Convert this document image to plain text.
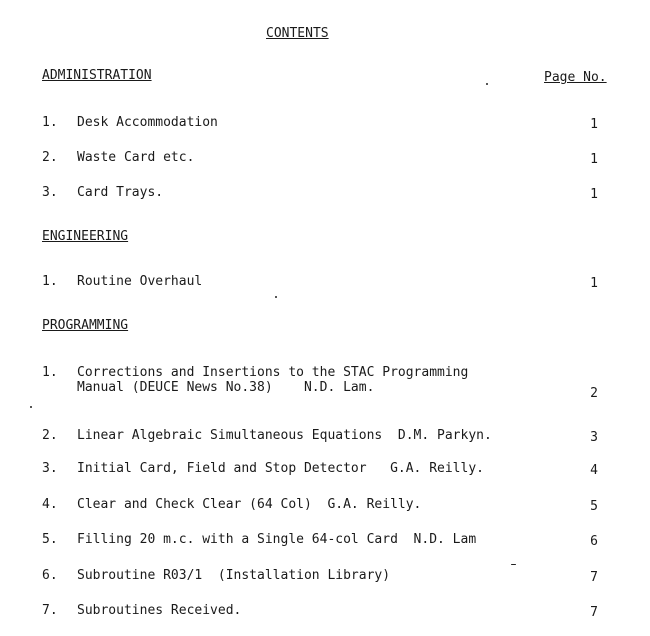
CONTENTS
ADMINISTRATION	Page No.
1. Desk Accommodation	1
2. Waste Card etc.	1
3. Card Trays.	1
ENGINEERING
1. Routine Overhaul	1
PROGRAMMING
1. Corrections and Insertions to the STAC Programming
Manual (DEUCE News No.38)    N.D. Lam.	2
2. Linear Algebraic Simultaneous Equations  D.M. Parkyn.	3
3. Initial Card, Field and Stop Detector   G.A. Reilly.	4
4. Clear and Check Clear (64 Col)  G.A. Reilly.	5
5. Filling 20 m.c. with a Single 64-col Card  N.D. Lam	6
6. Subroutine R03/1  (Installation Library)	7
7. Subroutines Received.	7
